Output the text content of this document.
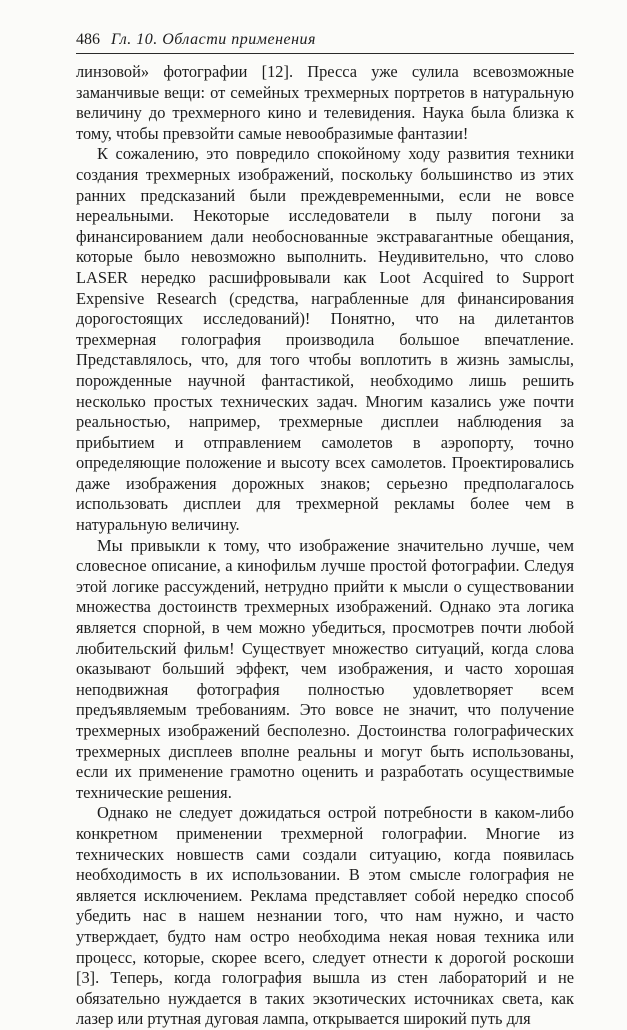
486 Гл. 10. Области применения

линзовой» фотографии [12]. Пресса уже сулила всевозможные заманчивые вещи: от семейных трехмерных портретов в натуральную величину до трехмерного кино и телевидения. Наука была близка к тому, чтобы превзойти самые невообразимые фантазии!

К сожалению, это повредило спокойному ходу развития техники создания трехмерных изображений, поскольку большинство из этих ранних предсказаний были преждевременными, если не вовсе нереальными. Некоторые исследователи в пылу погони за финансированием дали необоснованные экстравагантные обещания, которые было невозможно выполнить. Неудивительно, что слово LASER нередко расшифровывали как Loot Acquired to Support Expensive Research (средства, награбленные для финансирования дорогостоящих исследований)! Понятно, что на дилетантов трехмерная голография производила большое впечатление. Представлялось, что, для того чтобы воплотить в жизнь замыслы, порожденные научной фантастикой, необходимо лишь решить несколько простых технических задач. Многим казались уже почти реальностью, например, трехмерные дисплеи наблюдения за прибытием и отправлением самолетов в аэропорту, точно определяющие положение и высоту всех самолетов. Проектировались даже изображения дорожных знаков; серьезно предполагалось использовать дисплеи для трехмерной рекламы более чем в натуральную величину.

Мы привыкли к тому, что изображение значительно лучше, чем словесное описание, а кинофильм лучше простой фотографии. Следуя этой логике рассуждений, нетрудно прийти к мысли о существовании множества достоинств трехмерных изображений. Однако эта логика является спорной, в чем можно убедиться, просмотрев почти любой любительский фильм! Существует множество ситуаций, когда слова оказывают больший эффект, чем изображения, и часто хорошая неподвижная фотография полностью удовлетворяет всем предъявляемым требованиям. Это вовсе не значит, что получение трехмерных изображений бесполезно. Достоинства голографических трехмерных дисплеев вполне реальны и могут быть использованы, если их применение грамотно оценить и разработать осуществимые технические решения.

Однако не следует дожидаться острой потребности в каком-либо конкретном применении трехмерной голографии. Многие из технических новшеств сами создали ситуацию, когда появилась необходимость в их использовании. В этом смысле голография не является исключением. Реклама представляет собой нередко способ убедить нас в нашем незнании того, что нам нужно, и часто утверждает, будто нам остро необходима некая новая техника или процесс, которые, скорее всего, следует отнести к дорогой роскоши [3]. Теперь, когда голография вышла из стен лабораторий и не обязательно нуждается в таких экзотических источниках света, как лазер или ртутная дуговая лампа, открывается широкий путь для
